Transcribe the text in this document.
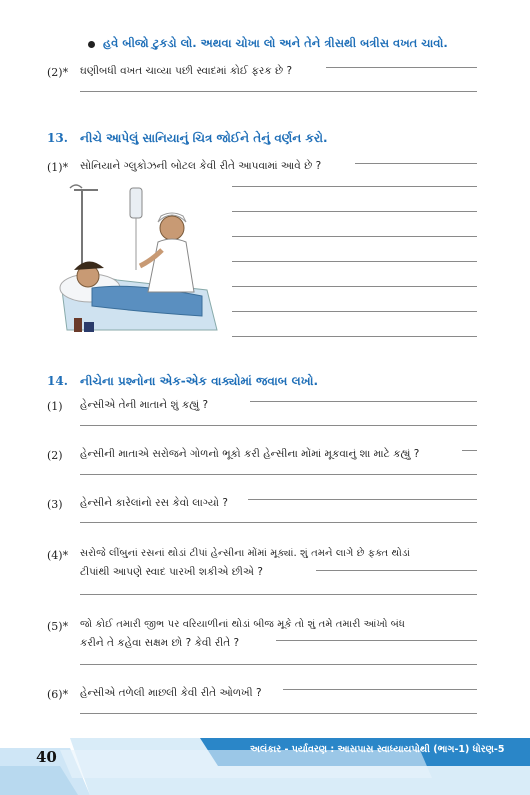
હવે બીજો ટુકડો લો. અથવા ચોખા લો અને તેને ત્રીસથી બત્રીસ વખત ચાવો.
(2)* ઘણીબધી વખત ચાવ્યા પછી સ્વાદમાં કોઈ ફરક છે ?
13. નીચે આપેલું સાનિયાનું ચિત્ર જોઈને તેનું વર્ણન કરો.
(1)* સોનિયાને ગ્લુકોઝની બોટલ કેવી રીતે આપવામાં આવે છે ?
14. નીચેના પ્રશ્નોના એક-એક વાક્યોમાં જવાબ લખો.
(1) હેન્સીએ તેની માતાને શું કહ્યું ?
(2) હેન્સીની માતાએ સરોજને ગોળનો ભૂકો કરી હેન્સીના મોંમાં મૂકવાનું શા માટે કહ્યું ?
(3) હેન્સીને કારેલાંનો રસ કેવો લાગ્યો ?
(4)* સરોજે લીંબુનાં રસનાં થોડાં ટીપાં હેન્સીના મોંમાં મૂક્યાં. શું તમને લાગે છે ફક્ત થોડાં
ટીપાંથી આપણે સ્વાદ પારખી શકીએ છીએ ?
(5)* જો કોઈ તમારી જીભ પર વરિયાળીનાં થોડાં બીજ મૂકે તો શું તમે તમારી આંખો બંધ
કરીને તે કહેવા સક્ષમ છો ? કેવી રીતે ?
(6)* હેન્સીએ તળેલી માછલી કેવી રીતે ઓળખી ?
40	અલંકાર - પર્યાવરણ : આસપાસ સ્વાધ્યાયપોથી (ભાગ-1) ધોરણ-5
